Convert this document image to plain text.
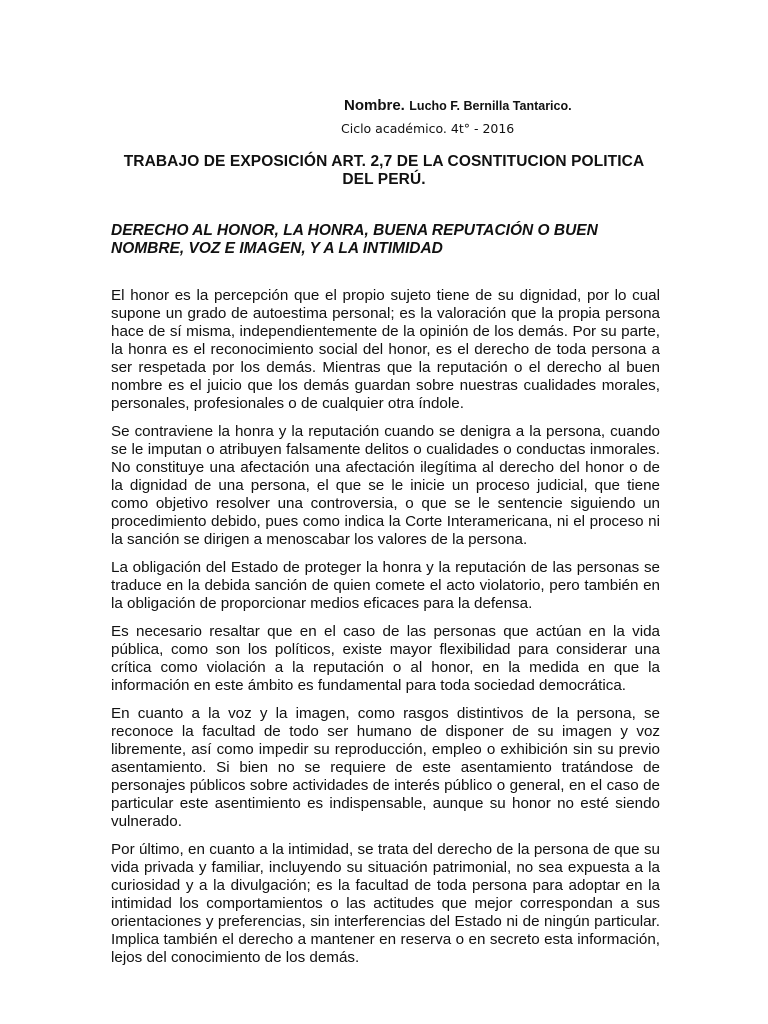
Nombre. Lucho F. Bernilla Tantarico.
Ciclo académico. 4t° - 2016
TRABAJO DE EXPOSICIÓN ART. 2,7 DE LA COSNTITUCION POLITICA DEL PERÚ.
DERECHO AL HONOR, LA HONRA, BUENA REPUTACIÓN O BUEN NOMBRE, VOZ E IMAGEN, Y A LA INTIMIDAD

El honor es la percepción que el propio sujeto tiene de su dignidad, por lo cual supone un grado de autoestima personal; es la valoración que la propia persona hace de sí misma, independientemente de la opinión de los demás. Por su parte, la honra es el reconocimiento social del honor, es el derecho de toda persona a ser respetada por los demás. Mientras que la reputación o el derecho al buen nombre es el juicio que los demás guardan sobre nuestras cualidades morales, personales, profesionales o de cualquier otra índole.

Se contraviene la honra y la reputación cuando se denigra a la persona, cuando se le imputan o atribuyen falsamente delitos o cualidades o conductas inmorales. No constituye una afectación una afectación ilegítima al derecho del honor o de la dignidad de una persona, el que se le inicie un proceso judicial, que tiene como objetivo resolver una controversia, o que se le sentencie siguiendo un procedimiento debido, pues como indica la Corte Interamericana, ni el proceso ni la sanción se dirigen a menoscabar los valores de la persona.

La obligación del Estado de proteger la honra y la reputación de las personas se traduce en la debida sanción de quien comete el acto violatorio, pero también en la obligación de proporcionar medios eficaces para la defensa.

Es necesario resaltar que en el caso de las personas que actúan en la vida pública, como son los políticos, existe mayor flexibilidad para considerar una crítica como violación a la reputación o al honor, en la medida en que la información en este ámbito es fundamental para toda sociedad democrática.

En cuanto a la voz y la imagen, como rasgos distintivos de la persona, se reconoce la facultad de todo ser humano de disponer de su imagen y voz libremente, así como impedir su reproducción, empleo o exhibición sin su previo asentamiento. Si bien no se requiere de este asentamiento tratándose de personajes públicos sobre actividades de interés público o general, en el caso de particular este asentimiento es indispensable, aunque su honor no esté siendo vulnerado.

Por último, en cuanto a la intimidad, se trata del derecho de la persona de que su vida privada y familiar, incluyendo su situación patrimonial, no sea expuesta a la curiosidad y a la divulgación; es la facultad de toda persona para adoptar en la intimidad los comportamientos o las actitudes que mejor correspondan a sus orientaciones y preferencias, sin interferencias del Estado ni de ningún particular. Implica también el derecho a mantener en reserva o en secreto esta información, lejos del conocimiento de los demás.
